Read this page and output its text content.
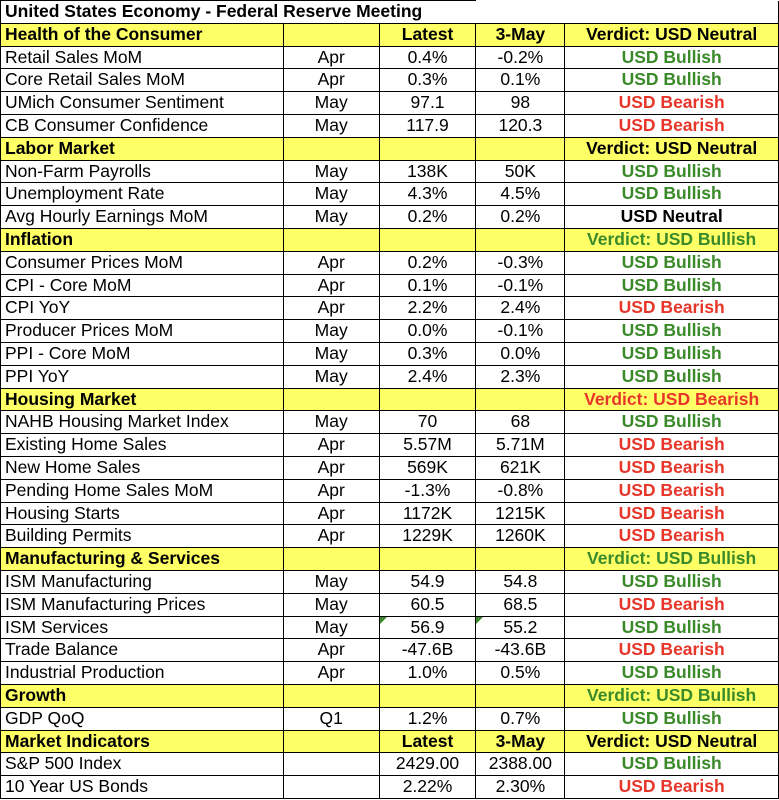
United States Economy - Federal Reserve Meeting				
Health of the Consumer		Latest	3-May	Verdict: USD Neutral
Retail Sales MoM	Apr	0.4%	-0.2%	USD Bullish
Core Retail Sales MoM	Apr	0.3%	0.1%	USD Bullish
UMich Consumer Sentiment	May	97.1	98	USD Bearish
CB Consumer Confidence	May	117.9	120.3	USD Bearish
Labor Market				Verdict: USD Neutral
Non-Farm Payrolls	May	138K	50K	USD Bullish
Unemployment Rate	May	4.3%	4.5%	USD Bullish
Avg Hourly Earnings MoM	May	0.2%	0.2%	USD Neutral
Inflation				Verdict: USD Bullish
Consumer Prices MoM	Apr	0.2%	-0.3%	USD Bullish
CPI - Core MoM	Apr	0.1%	-0.1%	USD Bullish
CPI YoY	Apr	2.2%	2.4%	USD Bearish
Producer Prices MoM	May	0.0%	-0.1%	USD Bullish
PPI - Core MoM	May	0.3%	0.0%	USD Bullish
PPI YoY	May	2.4%	2.3%	USD Bullish
Housing Market				Verdict: USD Bearish
NAHB Housing Market Index	May	70	68	USD Bullish
Existing Home Sales	Apr	5.57M	5.71M	USD Bearish
New Home Sales	Apr	569K	621K	USD Bearish
Pending Home Sales MoM	Apr	-1.3%	-0.8%	USD Bearish
Housing Starts	Apr	1172K	1215K	USD Bearish
Building Permits	Apr	1229K	1260K	USD Bearish
Manufacturing & Services				Verdict: USD Bullish
ISM Manufacturing	May	54.9	54.8	USD Bullish
ISM Manufacturing Prices	May	60.5	68.5	USD Bearish
ISM Services	May	56.9	55.2	USD Bullish
Trade Balance	Apr	-47.6B	-43.6B	USD Bearish
Industrial Production	Apr	1.0%	0.5%	USD Bullish
Growth				Verdict: USD Bullish
GDP QoQ	Q1	1.2%	0.7%	USD Bullish
Market Indicators		Latest	3-May	Verdict: USD Neutral
S&P 500 Index		2429.00	2388.00	USD Bullish
10 Year US Bonds		2.22%	2.30%	USD Bearish
